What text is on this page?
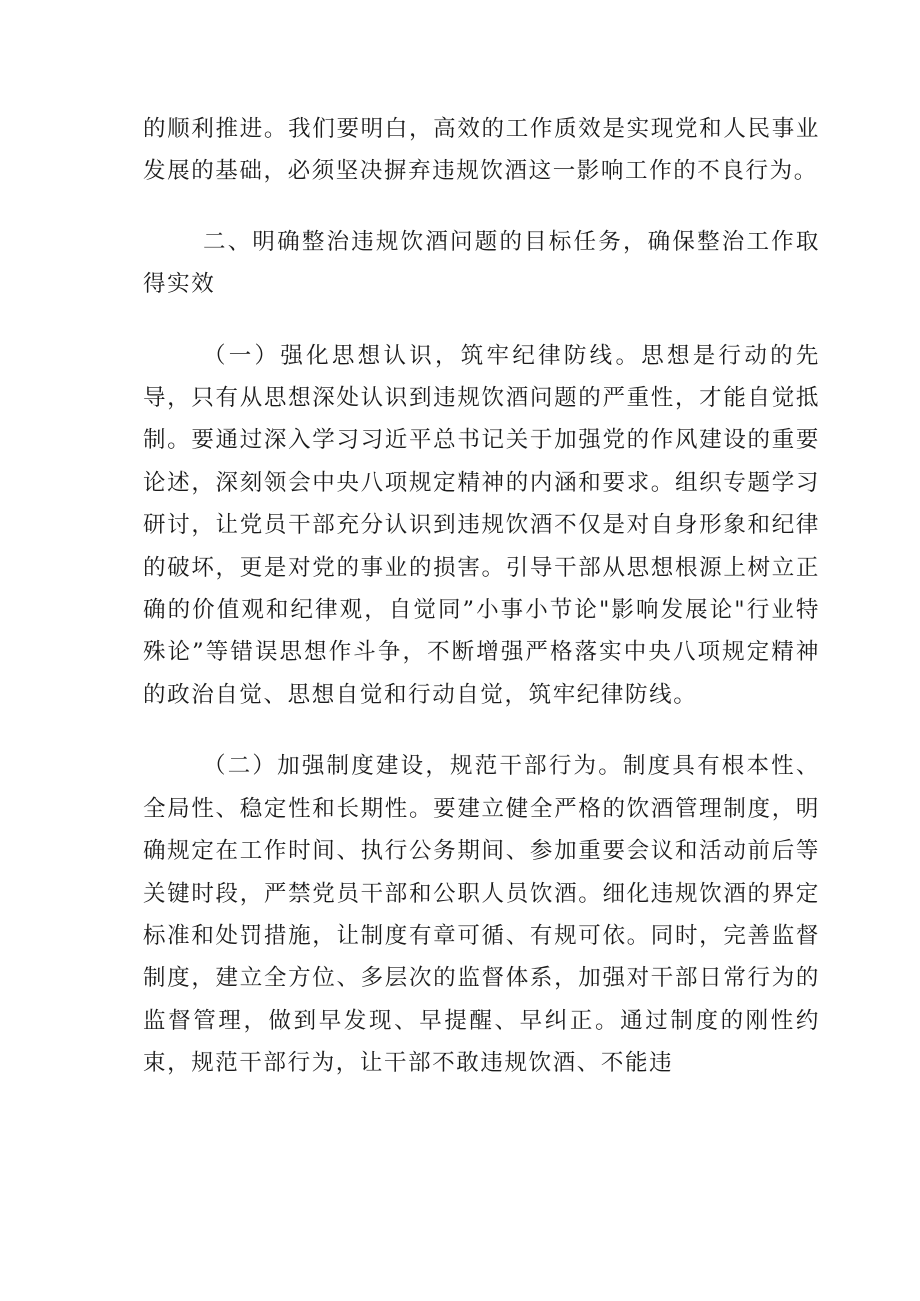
的顺利推进。我们要明白，高效的工作质效是实现党和人民事业发展的基础，必须坚决摒弃违规饮酒这一影响工作的不良行为。

二、明确整治违规饮酒问题的目标任务，确保整治工作取得实效

（一）强化思想认识，筑牢纪律防线。思想是行动的先导，只有从思想深处认识到违规饮酒问题的严重性，才能自觉抵制。要通过深入学习习近平总书记关于加强党的作风建设的重要论述，深刻领会中央八项规定精神的内涵和要求。组织专题学习研讨，让党员干部充分认识到违规饮酒不仅是对自身形象和纪律的破坏，更是对党的事业的损害。引导干部从思想根源上树立正确的价值观和纪律观，自觉同”小事小节论"影响发展论"行业特殊论”等错误思想作斗争，不断增强严格落实中央八项规定精神的政治自觉、思想自觉和行动自觉，筑牢纪律防线。

（二）加强制度建设，规范干部行为。制度具有根本性、全局性、稳定性和长期性。要建立健全严格的饮酒管理制度，明确规定在工作时间、执行公务期间、参加重要会议和活动前后等关键时段，严禁党员干部和公职人员饮酒。细化违规饮酒的界定标准和处罚措施，让制度有章可循、有规可依。同时，完善监督制度，建立全方位、多层次的监督体系，加强对干部日常行为的监督管理，做到早发现、早提醒、早纠正。通过制度的刚性约束，规范干部行为，让干部不敢违规饮酒、不能违
